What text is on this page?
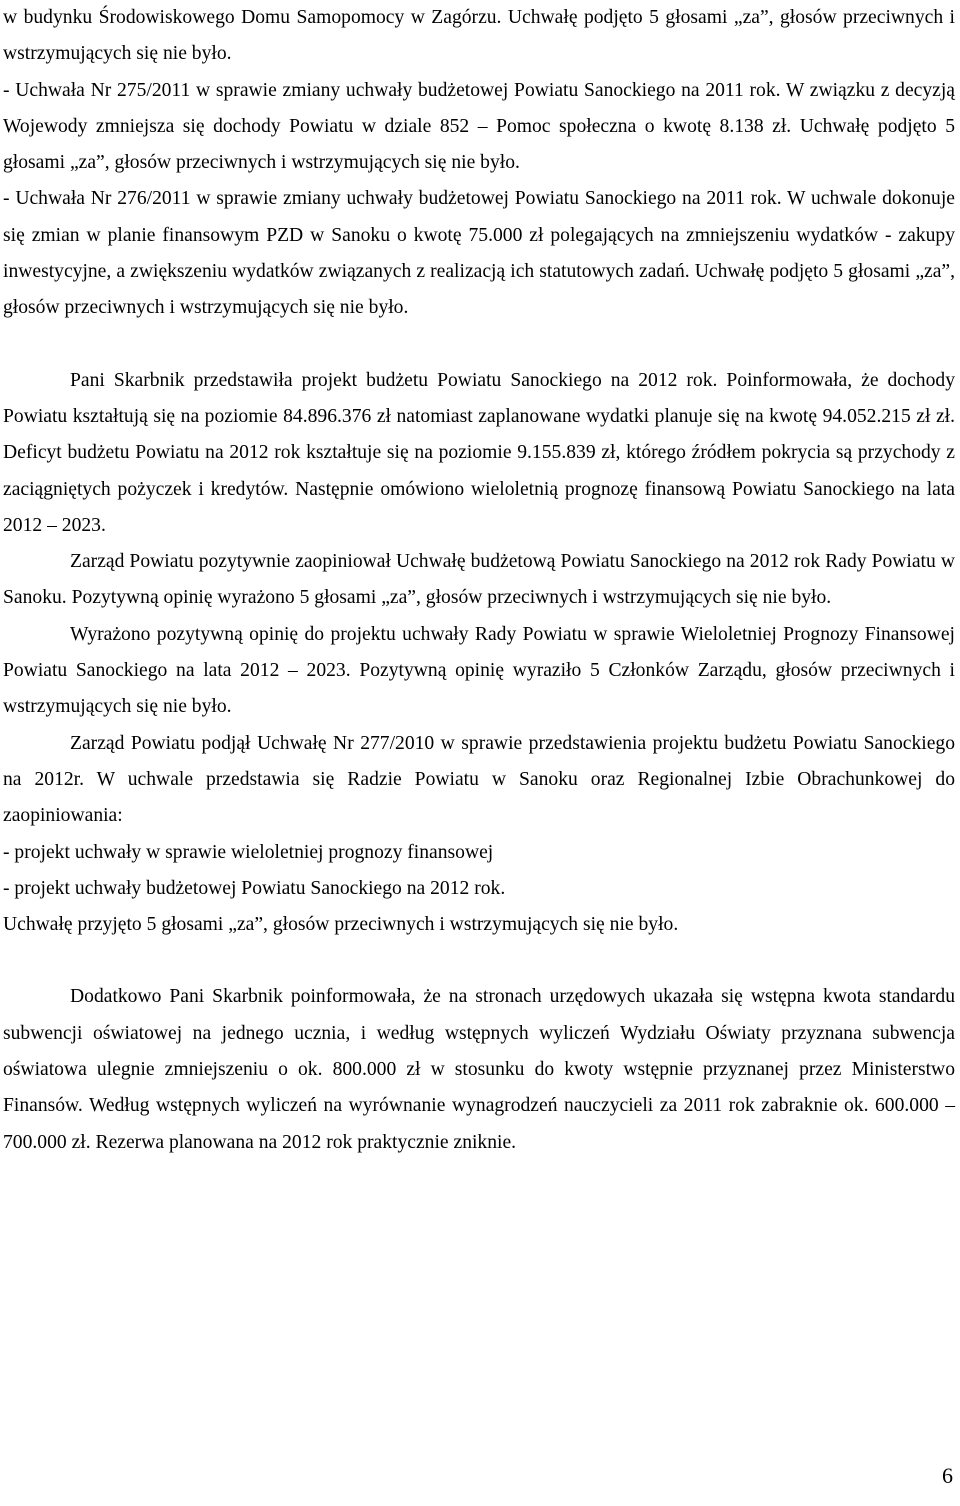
w budynku Środowiskowego Domu Samopomocy w Zagórzu. Uchwałę podjęto 5 głosami „za”, głosów przeciwnych i wstrzymujących się nie było.

- Uchwała Nr 275/2011 w sprawie zmiany uchwały budżetowej Powiatu Sanockiego na 2011 rok. W związku z decyzją Wojewody zmniejsza się dochody Powiatu w dziale 852 – Pomoc społeczna o kwotę 8.138 zł. Uchwałę podjęto 5 głosami „za”, głosów przeciwnych i wstrzymujących się nie było.

- Uchwała Nr 276/2011 w sprawie zmiany uchwały budżetowej Powiatu Sanockiego na 2011 rok. W uchwale dokonuje się zmian w planie finansowym PZD w Sanoku o kwotę 75.000 zł polegających na zmniejszeniu wydatków - zakupy inwestycyjne, a zwiększeniu wydatków związanych z realizacją ich statutowych zadań. Uchwałę podjęto 5 głosami „za”, głosów przeciwnych i wstrzymujących się nie było.

Pani Skarbnik przedstawiła projekt budżetu Powiatu Sanockiego na 2012 rok. Poinformowała, że dochody Powiatu kształtują się na poziomie 84.896.376 zł natomiast zaplanowane wydatki planuje się na kwotę 94.052.215 zł zł. Deficyt budżetu Powiatu na 2012 rok kształtuje się na poziomie 9.155.839 zł, którego źródłem pokrycia są przychody z zaciągniętych pożyczek i kredytów. Następnie omówiono wieloletnią prognozę finansową Powiatu Sanockiego na lata 2012 – 2023.

Zarząd Powiatu pozytywnie zaopiniował Uchwałę budżetową Powiatu Sanockiego na 2012 rok Rady Powiatu w Sanoku. Pozytywną opinię wyrażono 5 głosami „za”, głosów przeciwnych i wstrzymujących się nie było.

Wyrażono pozytywną opinię do projektu uchwały Rady Powiatu w sprawie Wieloletniej Prognozy Finansowej Powiatu Sanockiego na lata 2012 – 2023. Pozytywną opinię wyraziło 5 Członków Zarządu, głosów przeciwnych i wstrzymujących się nie było.

Zarząd Powiatu podjął Uchwałę Nr 277/2010 w sprawie przedstawienia projektu budżetu Powiatu Sanockiego na 2012r. W uchwale przedstawia się Radzie Powiatu w Sanoku oraz Regionalnej Izbie Obrachunkowej do zaopiniowania:

- projekt uchwały w sprawie wieloletniej prognozy finansowej

- projekt uchwały budżetowej Powiatu Sanockiego na 2012 rok.

Uchwałę przyjęto 5 głosami „za”, głosów przeciwnych i wstrzymujących się nie było.

Dodatkowo Pani Skarbnik poinformowała, że na stronach urzędowych ukazała się wstępna kwota standardu subwencji oświatowej na jednego ucznia, i według wstępnych wyliczeń Wydziału Oświaty przyznana subwencja oświatowa ulegnie zmniejszeniu o ok. 800.000 zł w stosunku do kwoty wstępnie przyznanej przez Ministerstwo Finansów. Według wstępnych wyliczeń na wyrównanie wynagrodzeń nauczycieli za 2011 rok zabraknie ok. 600.000 – 700.000 zł. Rezerwa planowana na 2012 rok praktycznie zniknie.

6
